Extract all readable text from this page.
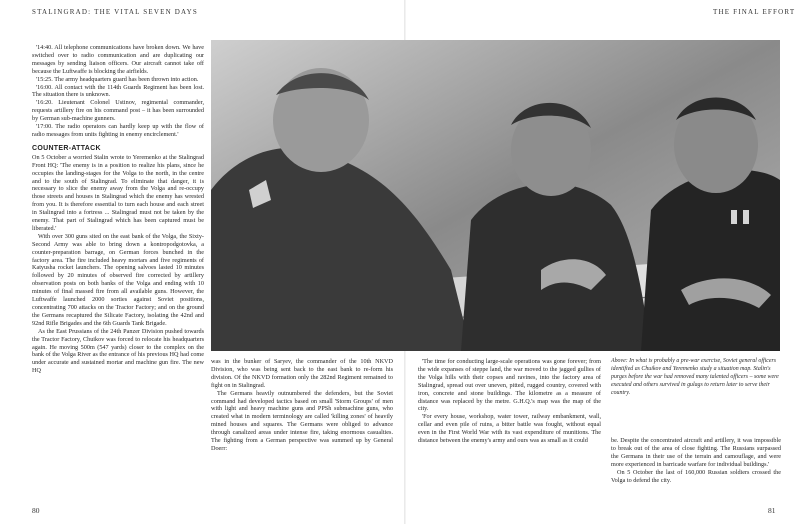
STALINGRAD: THE VITAL SEVEN DAYS	THE FINAL EFFORT

'14:40. All telephone communications have broken down. We have switched over to radio communication and are duplicating our messages by sending liaison officers. Our aircraft cannot take off because the Luftwaffe is blocking the airfields.

'15:25. The army headquarters guard has been thrown into action.

'16:00. All contact with the 114th Guards Regiment has been lost. The situation there is unknown.

'16:20. Lieutenant Colonel Ustinov, regimental commander, requests artillery fire on his command post – it has been surrounded by German sub-machine gunners.

'17:00. The radio operators can hardly keep up with the flow of radio messages from units fighting in enemy encirclement.'

COUNTER-ATTACK

On 5 October a worried Stalin wrote to Yeremenko at the Stalingrad Front HQ: 'The enemy is in a position to realize his plans, since he occupies the landing-stages for the Volga to the north, in the centre and to the south of Stalingrad. To eliminate that danger, it is necessary to slice the enemy away from the Volga and re-occupy those streets and houses in Stalingrad which the enemy has wrested from you. It is therefore essential to turn each house and each street in Stalingrad into a fortress ... Stalingrad must not be taken by the enemy. That part of Stalingrad which has been captured must be liberated.'

With over 300 guns sited on the east bank of the Volga, the Sixty-Second Army was able to bring down a kontropodgotovka, a counter-preparation barrage, on German forces bunched in the factory area. The fire included heavy mortars and five regiments of Katyusha rocket launchers. The opening salvoes lasted 10 minutes followed by 20 minutes of observed fire corrected by artillery observation posts on both banks of the Volga and ending with 10 minutes of final massed fire from all available guns. However, the Luftwaffe launched 2000 sorties against Soviet positions, concentrating 700 attacks on the Tractor Factory; and on the ground the Germans recaptured the Silicate Factory, isolating the 42nd and 92nd Rifle Brigades and the 6th Guards Tank Brigade.

As the East Prussians of the 24th Panzer Division pushed towards the Tractor Factory, Chuikov was forced to relocate his headquarters again. He moving 500m (547 yards) closer to the complex on the bank of the Volga River as the entrance of his previous HQ had come under accurate and sustained mortar and machine gun fire. The new HQ

was in the bunker of Saryev, the commander of the 10th NKVD Division, who was being sent back to the east bank to re-form his division. Of the NKVD formation only the 282nd Regiment remained to fight on in Stalingrad.

The Germans heavily outnumbered the defenders, but the Soviet command had developed tactics based on small 'Storm Groups' of men with light and heavy machine guns and PPSh submachine guns, who created what in modern terminology are called 'killing zones' of heavily mined houses and squares. The Germans were obliged to advance through canalized areas under intense fire, taking enormous casualties. The fighting from a German perspective was summed up by General Doerr:

'The time for conducting large-scale operations was gone forever; from the wide expanses of steppe land, the war moved to the jagged gullies of the Volga hills with their copses and ravines, into the factory area of Stalingrad, spread out over uneven, pitted, rugged country, covered with iron, concrete and stone buildings. The kilometre as a measure of distance was replaced by the metre. G.H.Q.'s map was the map of the city.

'For every house, workshop, water tower, railway embankment, wall, cellar and even pile of ruins, a bitter battle was fought, without equal even in the First World War with its vast expenditure of munitions. The distance between the enemy's army and ours was as small as it could

Above: In what is probably a pre-war exercise, Soviet general officers identified as Chuikov and Yeremenko study a situation map. Stalin's purges before the war had removed many talented officers – some were executed and others survived in gulags to return later to serve their country.

be. Despite the concentrated aircraft and artillery, it was impossible to break out of the area of close fighting. The Russians surpassed the Germans in their use of the terrain and camouflage, and were more experienced in barricade warfare for individual buildings.'

On 5 October the last of 160,000 Russian soldiers crossed the Volga to defend the city.

80	81
